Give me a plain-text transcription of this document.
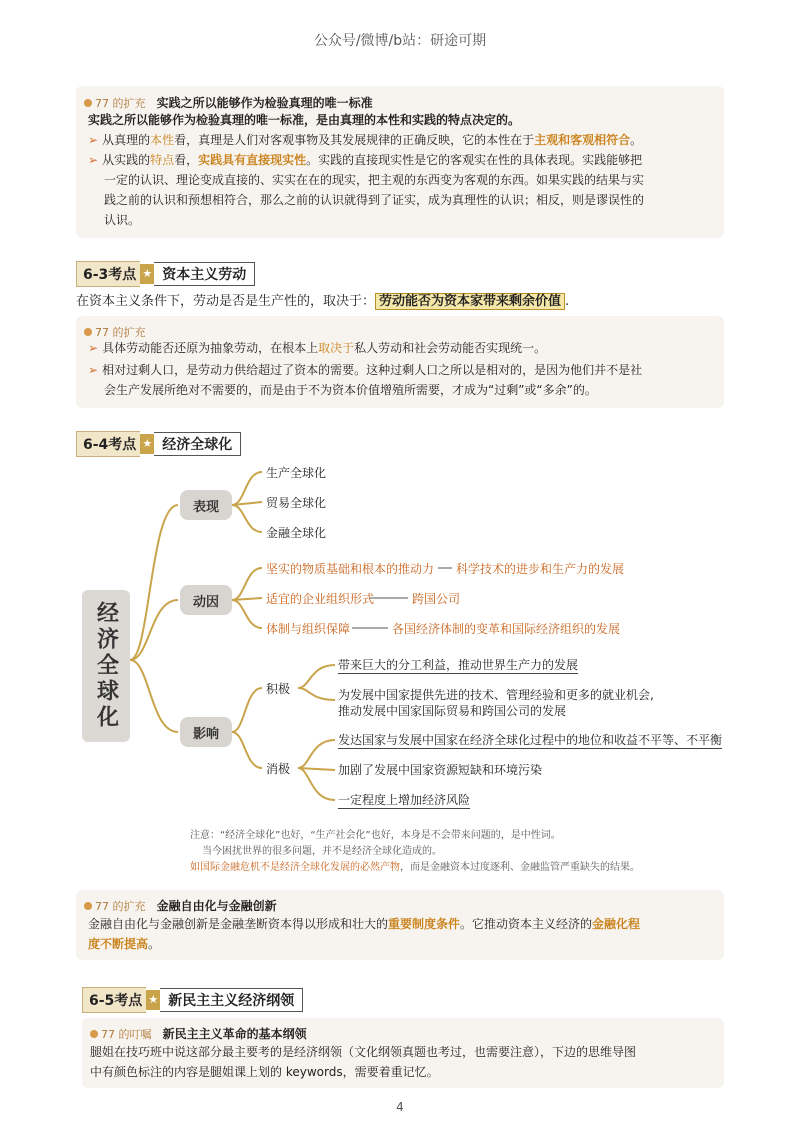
公众号/微博/b站：研途可期
77 的扩充 实践之所以能够作为检验真理的唯一标准
实践之所以能够作为检验真理的唯一标准，是由真理的本性和实践的特点决定的。
➢ 从真理的本性看，真理是人们对客观事物及其发展规律的正确反映，它的本性在于主观和客观相符合。
➢ 从实践的特点看，实践具有直接现实性。实践的直接现实性是它的客观实在性的具体表现。实践能够把
一定的认识、理论变成直接的、实实在在的现实，把主观的东西变为客观的东西。如果实践的结果与实
践之前的认识和预想相符合，那么之前的认识就得到了证实，成为真理性的认识；相反，则是谬误性的
认识。
6-3考点 ★ 资本主义劳动
在资本主义条件下，劳动是否是生产性的，取决于： 劳动能否为资本家带来剩余价值 .
77 的扩充
➢ 具体劳动能否还原为抽象劳动，在根本上取决于私人劳动和社会劳动能否实现统一。
➢ 相对过剩人口，是劳动力供给超过了资本的需要。这种过剩人口之所以是相对的，是因为他们并不是社
会生产发展所绝对不需要的，而是由于不为资本价值增殖所需要，才成为“过剩”或“多余”的。
6-4考点 ★ 经济全球化
经济全球化
表现
生产全球化
贸易全球化
金融全球化
动因
坚实的物质基础和根本的推动力 科学技术的进步和生产力的发展
适宜的企业组织形式	跨国公司
体制与组织保障	各国经济体制的变革和国际经济组织的发展
影响
积极
带来巨大的分工利益，推动世界生产力的发展
为发展中国家提供先进的技术、管理经验和更多的就业机会,
推动发展中国家国际贸易和跨国公司的发展
消极
发达国家与发展中国家在经济全球化过程中的地位和收益不平等、不平衡
加剧了发展中国家资源短缺和环境污染
一定程度上增加经济风险
注意：“经济全球化”也好，“生产社会化”也好，本身是不会带来问题的，是中性词。
当今困扰世界的很多问题，并不是经济全球化造成的。
如国际金融危机不是经济全球化发展的必然产物，而是金融资本过度逐利、金融监管严重缺失的结果。
77 的扩充 金融自由化与金融创新
金融自由化与金融创新是金融垄断资本得以形成和壮大的重要制度条件。它推动资本主义经济的金融化程
度不断提高。
6-5考点 ★ 新民主主义经济纲领
77 的叮嘱 新民主主义革命的基本纲领
腿姐在技巧班中说这部分最主要考的是经济纲领（文化纲领真题也考过，也需要注意），下边的思维导图
中有颜色标注的内容是腿姐课上划的 keywords，需要着重记忆。
4
